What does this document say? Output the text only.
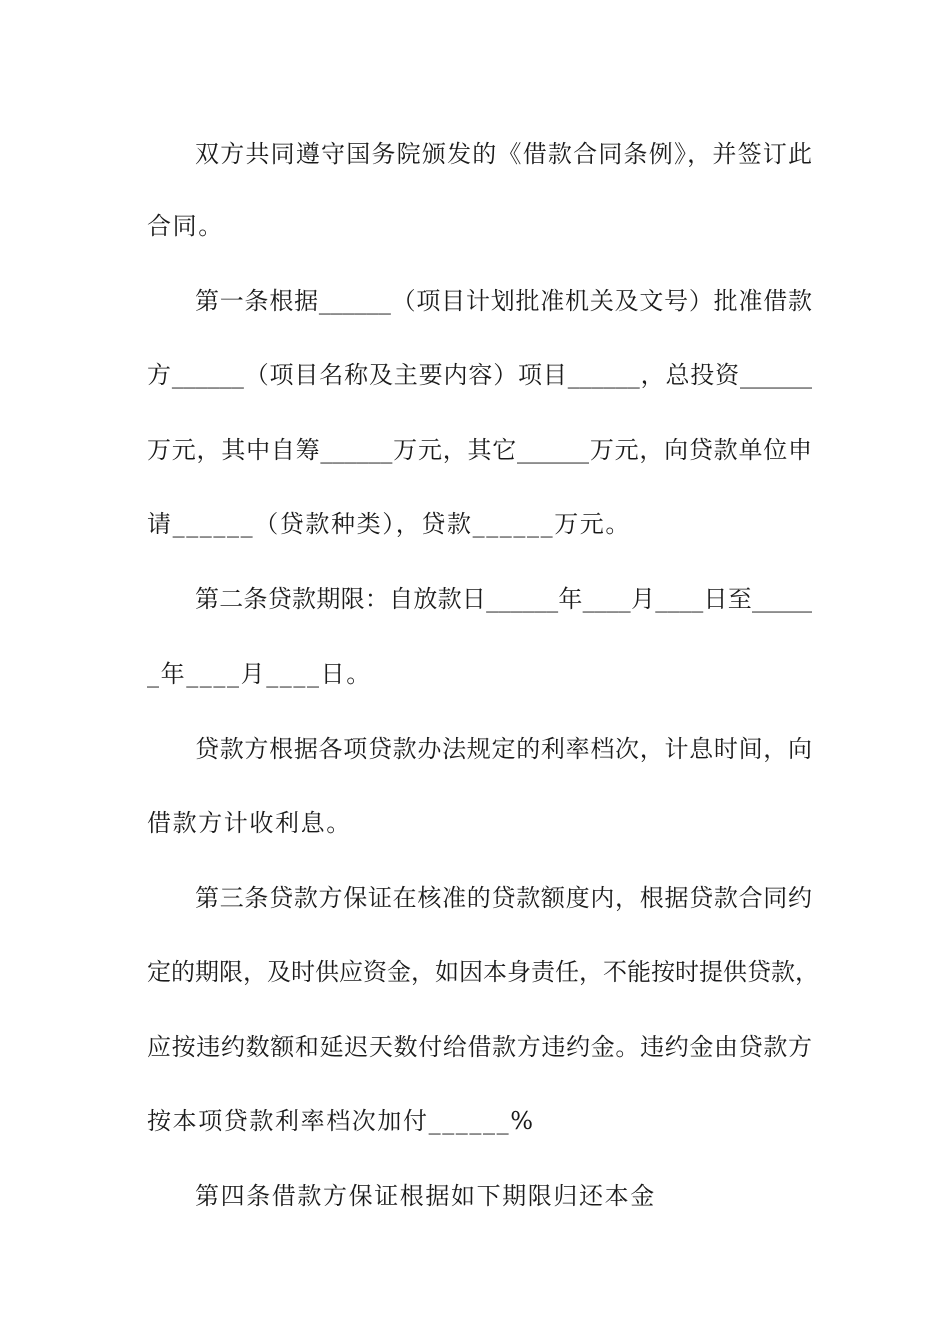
双方共同遵守国务院颁发的《借款合同条例》，并签订此
合同。
第一条根据______（项目计划批准机关及文号）批准借款
方______（项目名称及主要内容）项目______，总投资______
万元，其中自筹______万元，其它______万元，向贷款单位申
请______（贷款种类），贷款______万元。
第二条贷款期限：自放款日______年____月____日至_____
_年____月____日。
贷款方根据各项贷款办法规定的利率档次，计息时间，向
借款方计收利息。
第三条贷款方保证在核准的贷款额度内，根据贷款合同约
定的期限，及时供应资金，如因本身责任，不能按时提供贷款，
应按违约数额和延迟天数付给借款方违约金。违约金由贷款方
按本项贷款利率档次加付______%
第四条借款方保证根据如下期限归还本金
